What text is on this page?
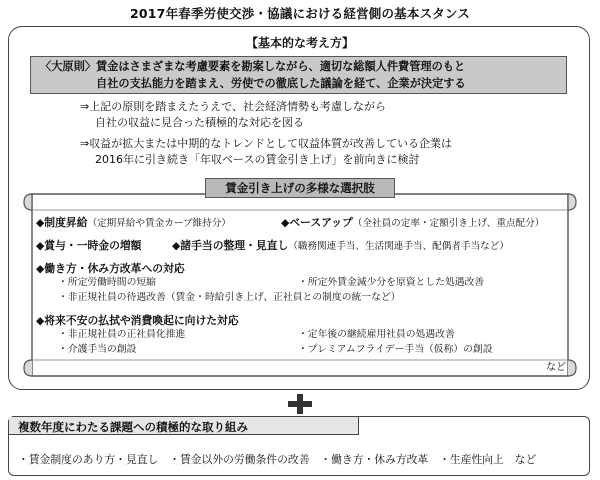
2017年春季労使交渉・協議における経営側の基本スタンス
【基本的な考え方】
〈大原則〉賃金はさまざまな考慮要素を勘案しながら、適切な総額人件費管理のもと
自社の支払能力を踏まえ、労使での徹底した議論を経て、企業が決定する
⇒上記の原則を踏まえたうえで、社会経済情勢も考慮しながら
自社の収益に見合った積極的な対応を図る
⇒収益が拡大または中期的なトレンドとして収益体質が改善している企業は
2016年に引き続き「年収ベースの賃金引き上げ」を前向きに検討
賃金引き上げの多様な選択肢
◆制度昇給（定期昇給や賃金カーブ維持分）	◆ベースアップ（全社員の定率・定額引き上げ、重点配分）
◆賞与・一時金の増額	◆諸手当の整理・見直し（職務関連手当、生活関連手当、配偶者手当など）
◆働き方・休み方改革への対応
・所定労働時間の短縮	・所定外賃金減少分を原資とした処遇改善
・非正規社員の待遇改善（賃金・時給引き上げ、正社員との制度の統一など）
◆将来不安の払拭や消費喚起に向けた対応
・非正規社員の正社員化推進	・定年後の継続雇用社員の処遇改善
・介護手当の創設	・プレミアムフライデー手当（仮称）の創設
など
複数年度にわたる課題への積極的な取り組み
・賃金制度のあり方・見直し　・賃金以外の労働条件の改善　・働き方・休み方改革　・生産性向上　など
